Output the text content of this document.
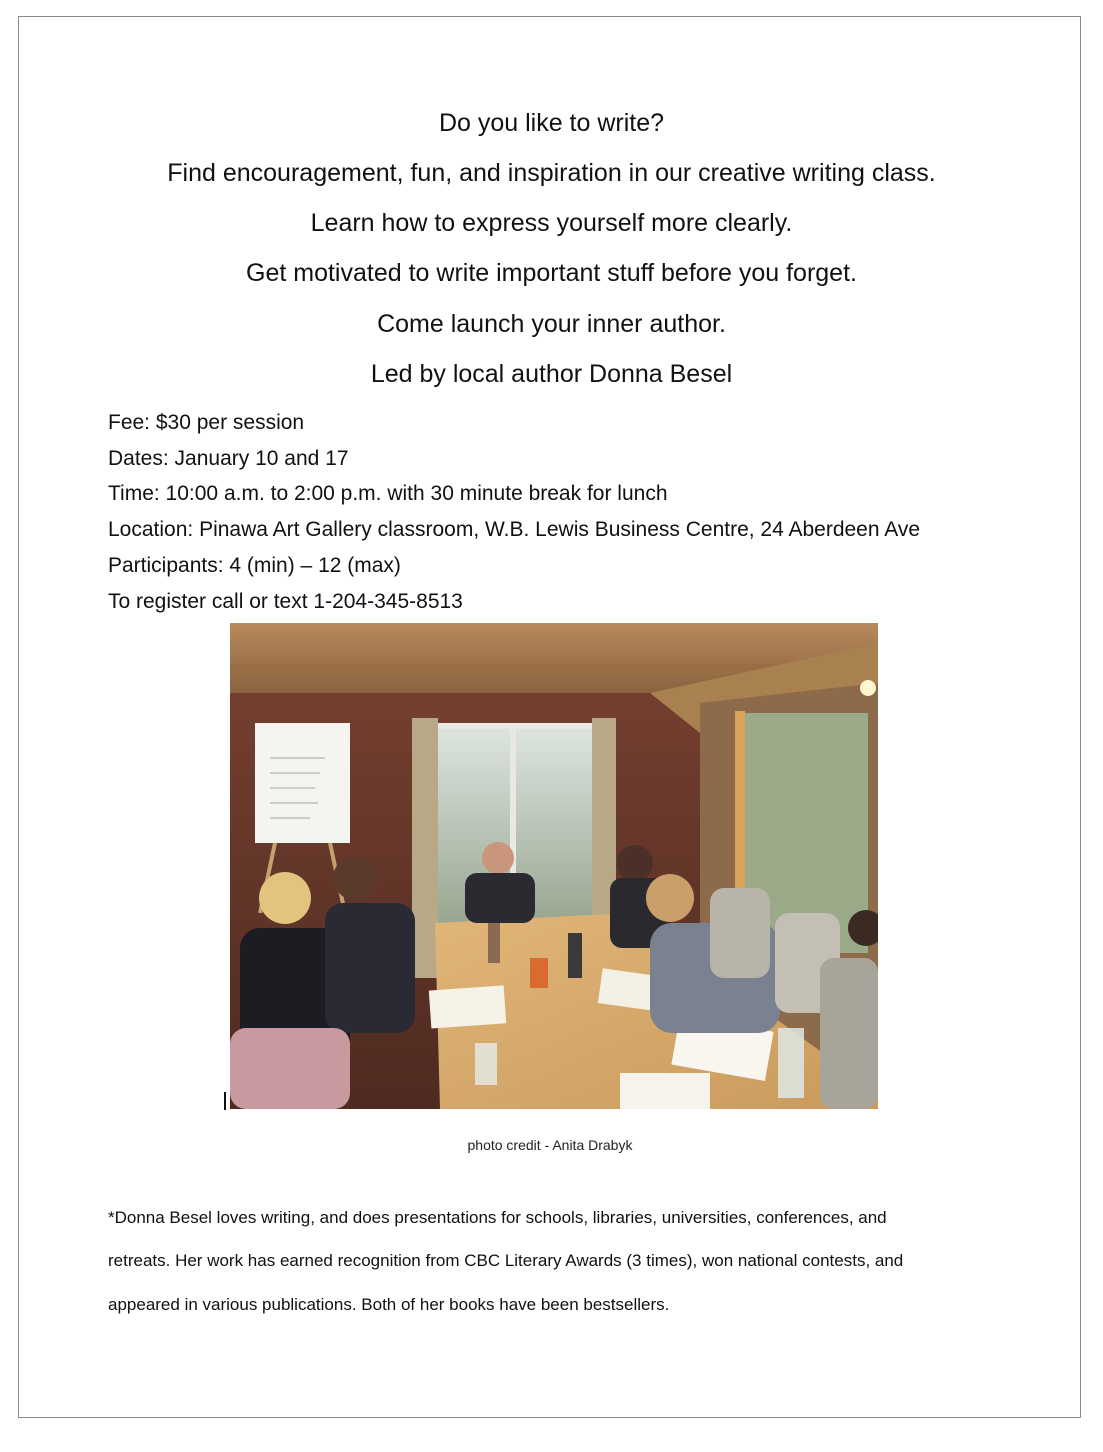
Do you like to write?
Find encouragement, fun, and inspiration in our creative writing class.
Learn how to express yourself more clearly.
Get motivated to write important stuff before you forget.
Come launch your inner author.
Led by local author Donna Besel
Fee: $30 per session
Dates: January 10 and 17
Time: 10:00 a.m. to 2:00 p.m. with 30 minute break for lunch
Location: Pinawa Art Gallery classroom, W.B. Lewis Business Centre, 24 Aberdeen Ave
Participants: 4 (min) – 12 (max)
To register call or text 1-204-345-8513
photo credit - Anita Drabyk
*Donna Besel loves writing, and does presentations for schools, libraries, universities, conferences, and
retreats. Her work has earned recognition from CBC Literary Awards (3 times), won national contests, and
appeared in various publications. Both of her books have been bestsellers.
